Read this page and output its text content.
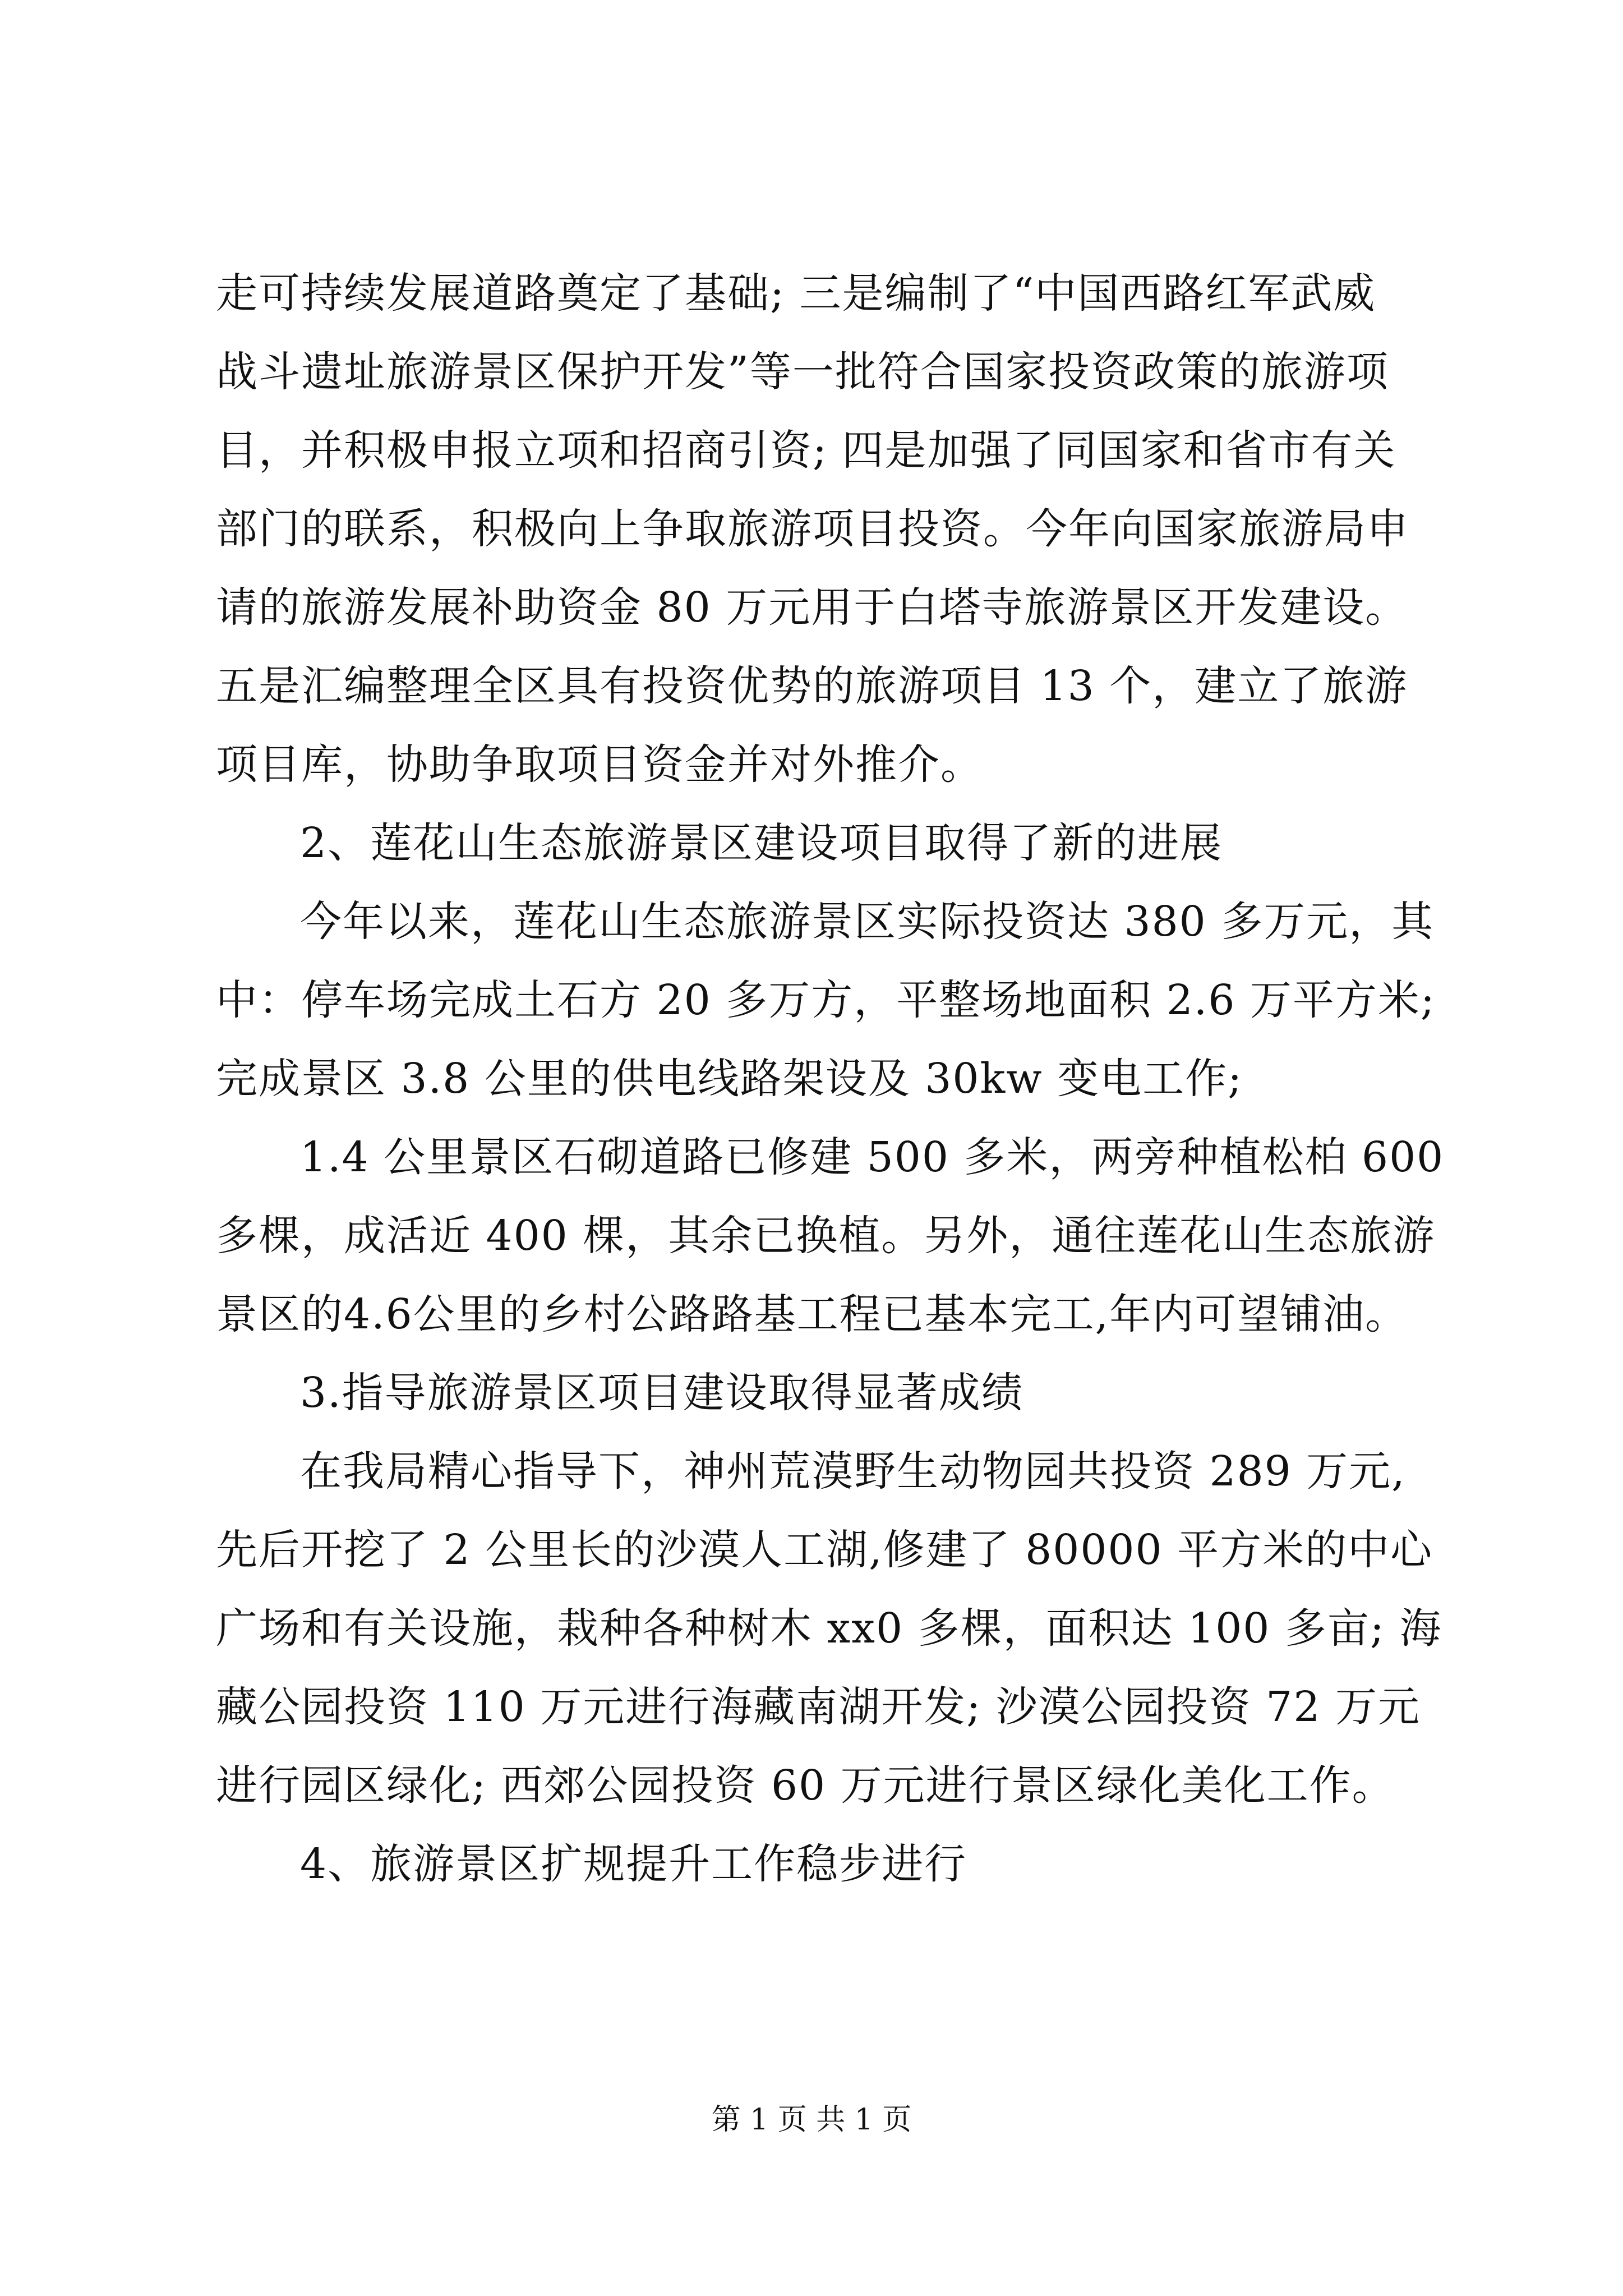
走可持续发展道路奠定了基础; 三是编制了“中国西路红军武威
战斗遗址旅游景区保护开发”等一批符合国家投资政策的旅游项
目，并积极申报立项和招商引资; 四是加强了同国家和省市有关
部门的联系，积极向上争取旅游项目投资。今年向国家旅游局申
请的旅游发展补助资金 80 万元用于白塔寺旅游景区开发建设。
五是汇编整理全区具有投资优势的旅游项目 13 个，建立了旅游
项目库，协助争取项目资金并对外推介。
2、莲花山生态旅游景区建设项目取得了新的进展
今年以来，莲花山生态旅游景区实际投资达 380 多万元，其
中：停车场完成土石方 20 多万方，平整场地面积 2.6 万平方米;
完成景区 3.8 公里的供电线路架设及 30kw 变电工作;
1.4 公里景区石砌道路已修建 500 多米，两旁种植松柏 600
多棵，成活近 400 棵，其余已换植。另外，通往莲花山生态旅游
景区的4.6公里的乡村公路路基工程已基本完工,年内可望铺油。
3.指导旅游景区项目建设取得显著成绩
在我局精心指导下，神州荒漠野生动物园共投资 289 万元,
先后开挖了 2 公里长的沙漠人工湖,修建了 80000 平方米的中心
广场和有关设施，栽种各种树木 xx0 多棵，面积达 100 多亩; 海
藏公园投资 110 万元进行海藏南湖开发; 沙漠公园投资 72 万元
进行园区绿化; 西郊公园投资 60 万元进行景区绿化美化工作。
4、旅游景区扩规提升工作稳步进行
第 1 页 共 1 页
